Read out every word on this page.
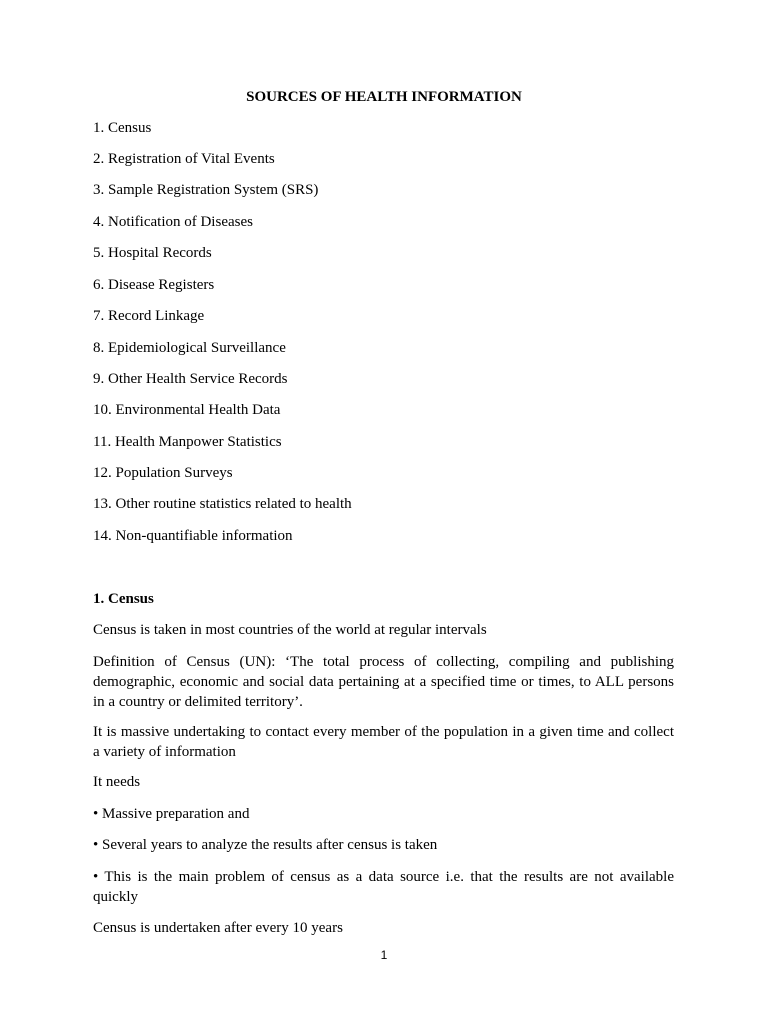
SOURCES OF HEALTH INFORMATION
1. Census
2. Registration of Vital Events
3. Sample Registration System (SRS)
4. Notification of Diseases
5. Hospital Records
6. Disease Registers
7. Record Linkage
8. Epidemiological Surveillance
9. Other Health Service Records
10. Environmental Health Data
11. Health Manpower Statistics
12. Population Surveys
13. Other routine statistics related to health
14. Non-quantifiable information
1. Census
Census is taken in most countries of the world at regular intervals
Definition of Census (UN): ‘The total process of collecting, compiling and publishing demographic, economic and social data pertaining at a specified time or times, to ALL persons in a country or delimited territory’.
It is massive undertaking to contact every member of the population in a given time and collect a variety of information
It needs
• Massive preparation and
• Several years to analyze the results after census is taken
• This is the main problem of census as a data source i.e. that the results are not available quickly
Census is undertaken after every 10 years
1
